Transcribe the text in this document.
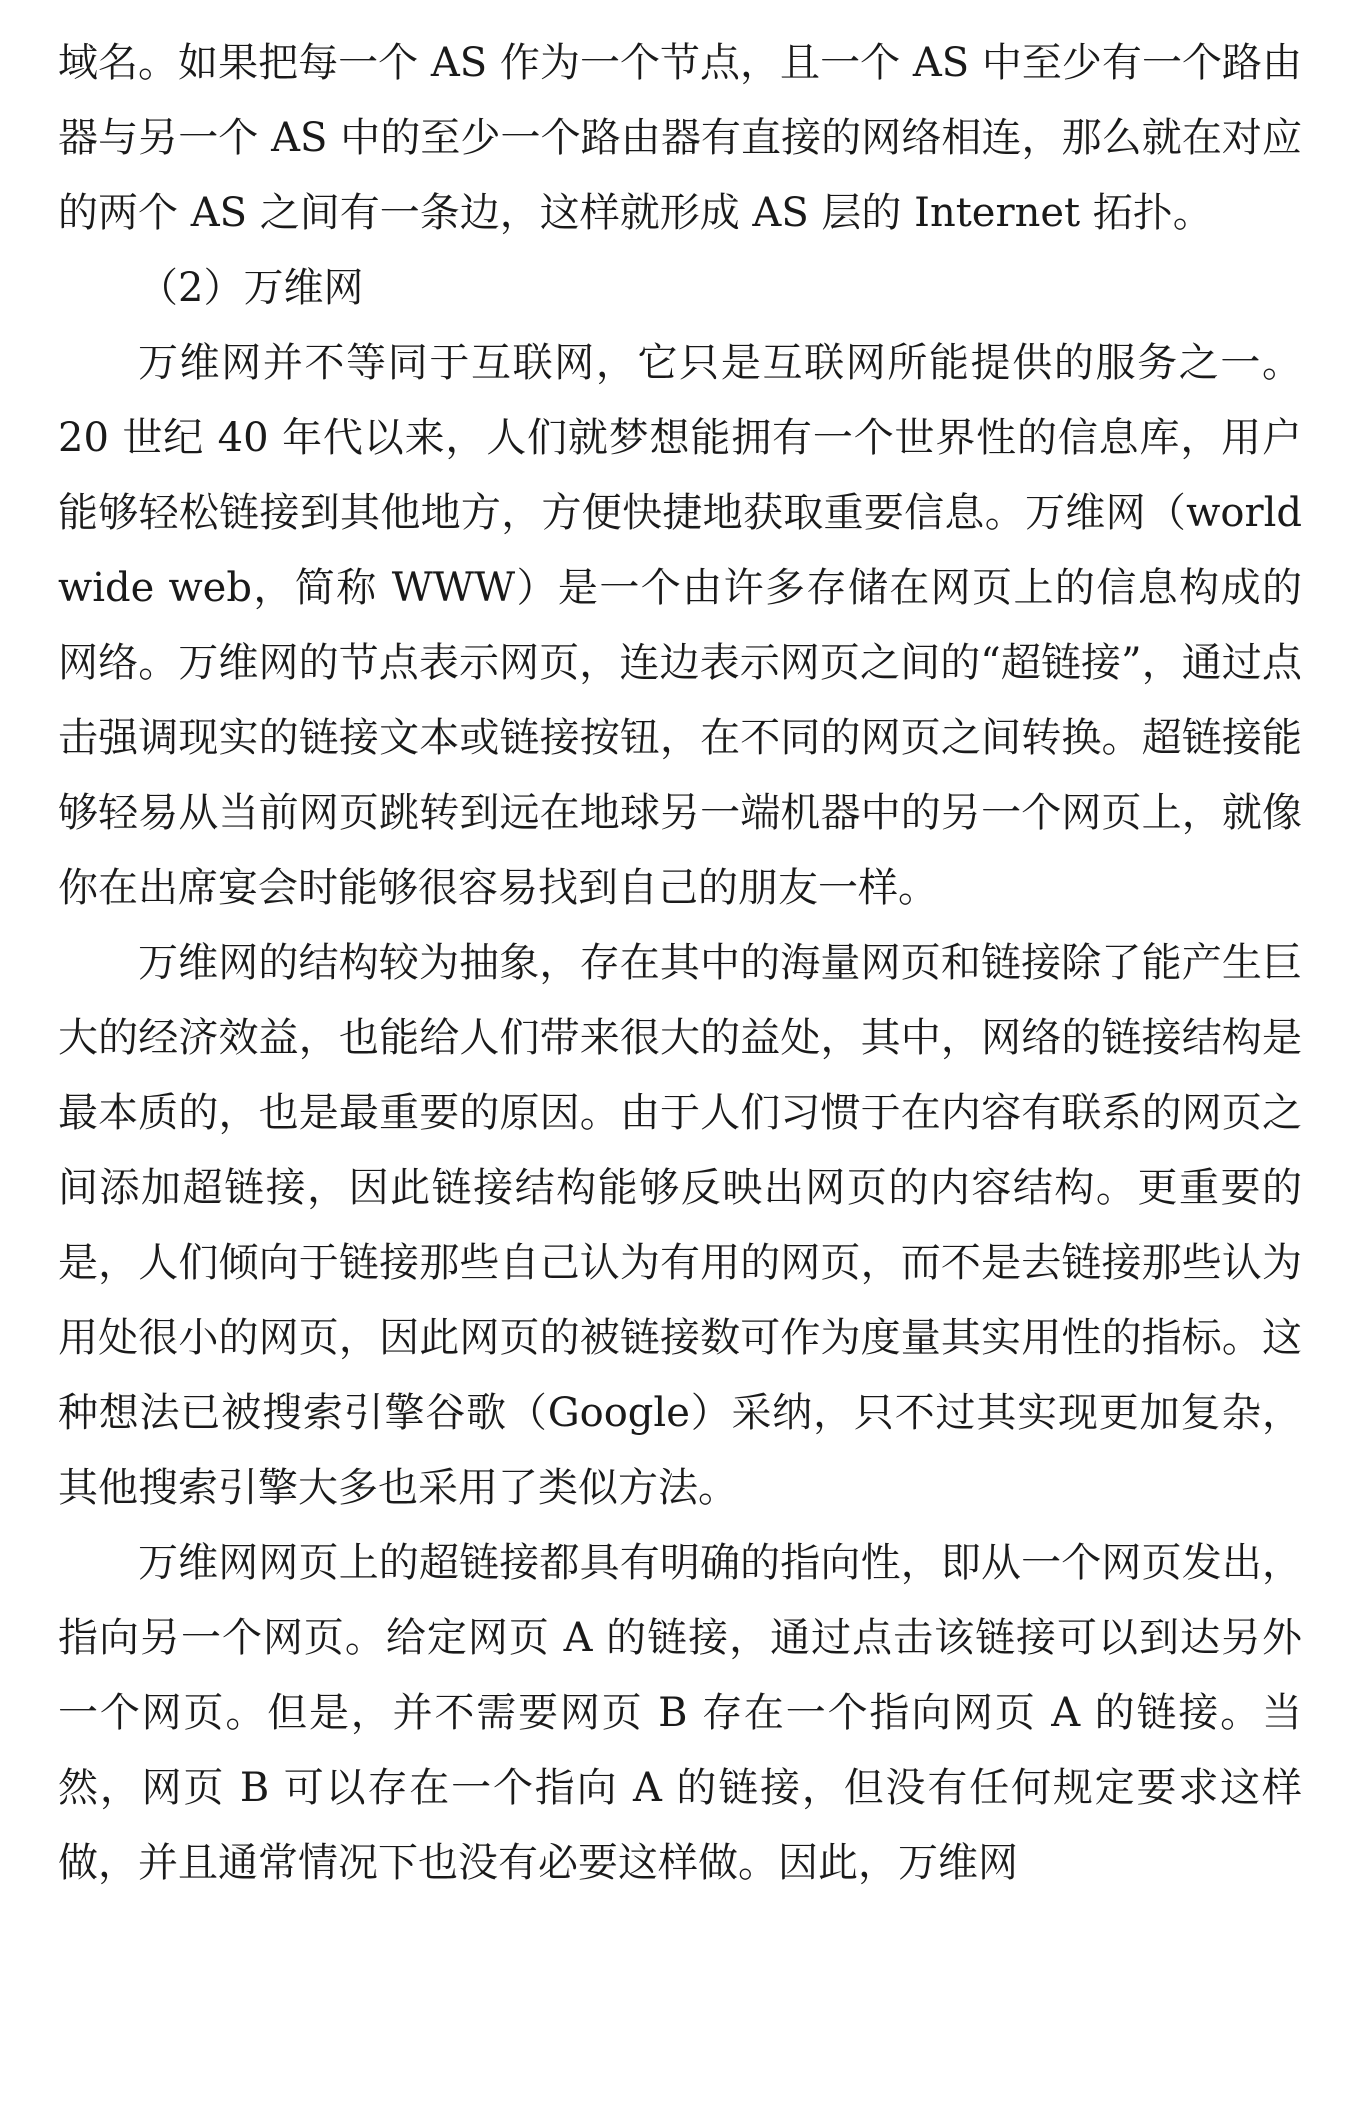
域名。如果把每一个 AS 作为一个节点，且一个 AS 中至少有一个路由器与另一个 AS 中的至少一个路由器有直接的网络相连，那么就在对应的两个 AS 之间有一条边，这样就形成 AS 层的 Internet 拓扑。

（2）万维网

万维网并不等同于互联网，它只是互联网所能提供的服务之一。20 世纪 40 年代以来，人们就梦想能拥有一个世界性的信息库，用户能够轻松链接到其他地方，方便快捷地获取重要信息。万维网（world wide web，简称 WWW）是一个由许多存储在网页上的信息构成的网络。万维网的节点表示网页，连边表示网页之间的“超链接”，通过点击强调现实的链接文本或链接按钮，在不同的网页之间转换。超链接能够轻易从当前网页跳转到远在地球另一端机器中的另一个网页上，就像你在出席宴会时能够很容易找到自己的朋友一样。

万维网的结构较为抽象，存在其中的海量网页和链接除了能产生巨大的经济效益，也能给人们带来很大的益处，其中，网络的链接结构是最本质的，也是最重要的原因。由于人们习惯于在内容有联系的网页之间添加超链接，因此链接结构能够反映出网页的内容结构。更重要的是，人们倾向于链接那些自己认为有用的网页，而不是去链接那些认为用处很小的网页，因此网页的被链接数可作为度量其实用性的指标。这种想法已被搜索引擎谷歌（Google）采纳，只不过其实现更加复杂，其他搜索引擎大多也采用了类似方法。

万维网网页上的超链接都具有明确的指向性，即从一个网页发出，指向另一个网页。给定网页 A 的链接，通过点击该链接可以到达另外一个网页。但是，并不需要网页 B 存在一个指向网页 A 的链接。当然，网页 B 可以存在一个指向 A 的链接，但没有任何规定要求这样做，并且通常情况下也没有必要这样做。因此，万维网
